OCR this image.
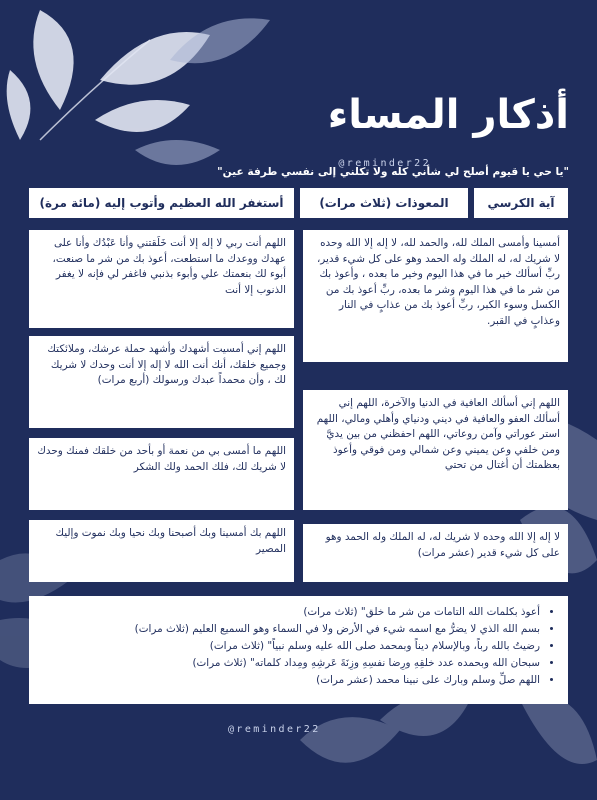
أذكار المساء
@reminder22
"يا حي يا قيوم أصلح لي شأني كله ولا تكلني إلى نفسي طرفة عين"
آية الكرسي
المعوذات (ثلاث مرات)
أستغفر الله العظيم وأتوب إليه (مائة مرة)
أمسينا وأمسى الملك لله، والحمد لله، لا إله إلا الله وحده لا شريك له، له الملك وله الحمد وهو على كل شيء قدير، ربِّ أسألك خير ما في هذا اليوم وخير ما بعده ، وأعوذ بك من شر ما في هذا اليوم وشر ما بعده، ربِّ أعوذ بك من الكسل وسوء الكبر، ربِّ أعوذ بك من عذابٍ في النار وعذابٍ في القبر.
اللهم إني أسألك العافية في الدنيا والآخرة، اللهم إني أسألك العفو والعافية في ديني ودنياي وأهلي ومالي، اللهم استر عوراتي وآمن روعاتي، اللهم احفظني من بين يديَّ ومن خلفي وعن يميني وعن شمالي ومن فوقي وأعوذ بعظمتك أن أغتال من تحتي
لا إله إلا الله وحده لا شريك له، له الملك وله الحمد وهو على كل شيء قدير (عشر مرات)
اللهم أنت ربي لا إله إلا أنت خَلَقتني وأنا عَبْدُك وأنا على عهدك ووعدك ما استطعت، أعوذ بك من شر ما صنعت، أبوء لك بنعمتك علي وأبوء بذنبي فاغفر لي فإنه لا يغفر الذنوب إلا أنت
اللهم إني أمسيت أشهدك وأشهد حملة عرشك، وملائكتك وجميع خلقك، أنك أنت الله لا إله إلا أنت وحدك لا شريك لك ، وأن محمداً عبدك ورسولك (أربع مرات)
اللهم ما أمسى بي من نعمة أو بأحد من خلقك فمنك وحدك لا شريك لك، فلك الحمد ولك الشكر
اللهم بك أمسينا وبك أصبحنا وبك نحيا وبك نموت وإليك المصير
• أعوذ بكلمات الله التامات من شر ما خلق" (ثلاث مرات)
• بسم الله الذي لا يضرُّ مع اسمه شيء في الأرض ولا في السماء وهو السميع العليم (ثلاث مرات)
• رضيتُ بالله رباً، وبالإسلام ديناً وبمحمد صلى الله عليه وسلم نبياً" (ثلاث مرات)
• سبحان الله وبحمده عدد خلقِهِ ورِضا نفسِهِ وزِنَةَ عَرشِهِ ومِداد كلماته" (ثلاث مرات)
• اللهم صلِّ وسلم وبارك على نبينا محمد (عشر مرات)
@reminder22
